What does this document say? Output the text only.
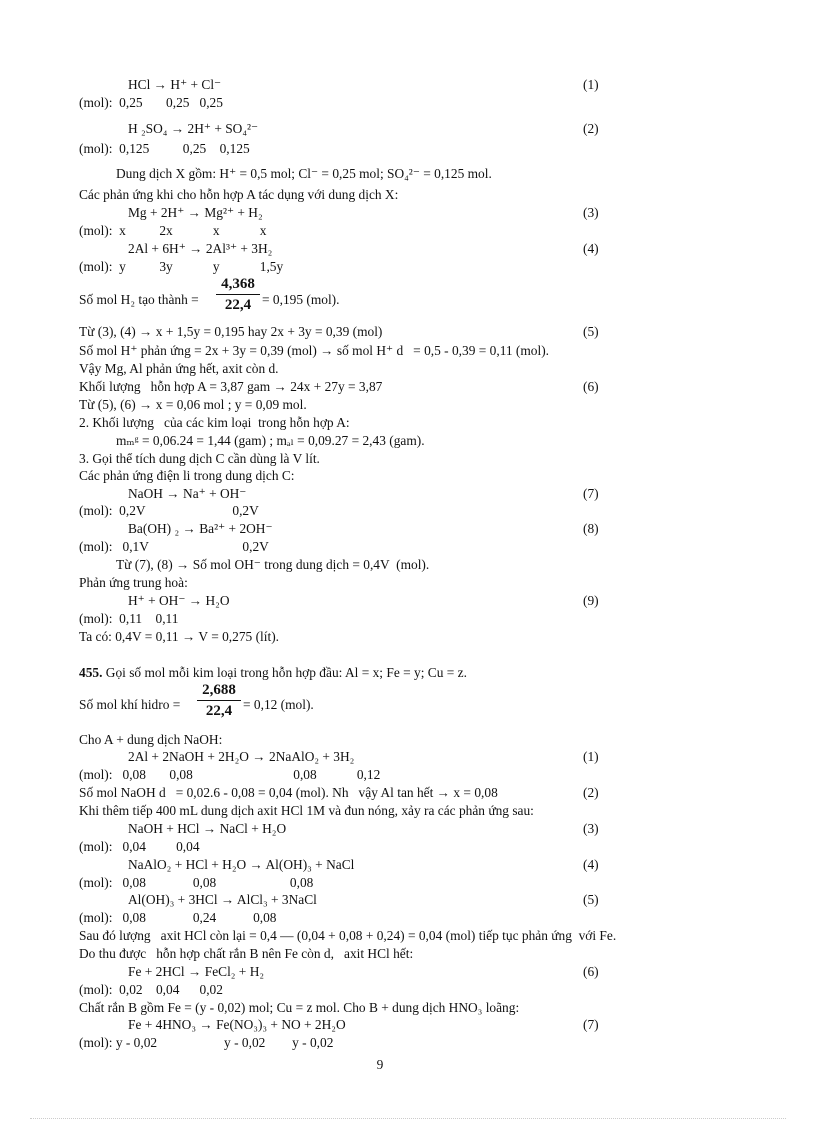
HCl → H⁺ + Cl⁻	(1)
(mol):  0,25       0,25   0,25
H ₂SO₄ → 2H⁺ + SO₄²⁻	(2)
(mol):  0,125          0,25    0,125
Dung dịch X gồm: H⁺ = 0,5 mol; Cl⁻ = 0,25 mol; SO₄²⁻ = 0,125 mol.
Các phản ứng khi cho hỗn hợp A tác dụng với dung dịch X:
Mg + 2H⁺ → Mg²⁺ + H₂	(3)
(mol):  x          2x            x            x
2Al + 6H⁺ → 2Al³⁺ + 3H₂	(4)
(mol):  y          3y            y            1,5y
Số mol H₂ tạo thành = $\frac{4,368}{22,4} = 0,195$ (mol).
Từ (3), (4) → x + 1,5y = 0,195 hay 2x + 3y = 0,39 (mol)	(5)
Số mol H⁺ phản ứng = 2x + 3y = 0,39 (mol) → số mol H⁺ d   = 0,5 - 0,39 = 0,11 (mol).
Vậy Mg, Al phản ứng hết, axit còn d.
Khối lượng   hỗn hợp A = 3,87 gam → 24x + 27y = 3,87	(6)
Từ (5), (6) → x = 0,06 mol ; y = 0,09 mol.
2. Khối lượng   của các kim loại  trong hỗn hợp A:
mₘᵍ = 0,06.24 = 1,44 (gam) ; mₐₗ = 0,09.27 = 2,43 (gam).
3. Gọi thể tích dung dịch C cần dùng là V lít.
Các phản ứng điện li trong dung dịch C:
NaOH → Na⁺ + OH⁻	(7)
(mol):  0,2V                          0,2V
Ba(OH) ₂ → Ba²⁺ + 2OH⁻	(8)
(mol):   0,1V                            0,2V
Từ (7), (8) → Số mol OH⁻ trong dung dịch = 0,4V  (mol).
Phản ứng trung hoà:
H⁺ + OH⁻ → H₂O	(9)
(mol):  0,11    0,11
Ta có: 0,4V = 0,11 → V = 0,275 (lít).
455. Gọi số mol mỗi kim loại trong hỗn hợp đầu: Al = x; Fe = y; Cu = z.
Số mol khí hidro = $\frac{2,688}{22,4} = 0,12$ (mol).
Cho A + dung dịch NaOH:
2Al + 2NaOH + 2H₂O → 2NaAlO₂ + 3H₂	(1)
(mol):   0,08       0,08                              0,08            0,12
Số mol NaOH d   = 0,02.6 - 0,08 = 0,04 (mol). Nh   vậy Al tan hết → x = 0,08	(2)
Khi thêm tiếp 400 mL dung dịch axit HCl 1M và đun nóng, xảy ra các phản ứng sau:
NaOH + HCl → NaCl + H₂O	(3)
(mol):   0,04         0,04
NaAlO₂ + HCl + H₂O → Al(OH)₃ + NaCl	(4)
(mol):   0,08              0,08                      0,08
Al(OH)₃ + 3HCl → AlCl₃ + 3NaCl	(5)
(mol):   0,08              0,24           0,08
Sau đó lượng   axit HCl còn lại = 0,4 — (0,04 + 0,08 + 0,24) = 0,04 (mol) tiếp tục phản ứng  với Fe.
Do thu được   hỗn hợp chất rắn B nên Fe còn d,   axit HCl hết:
Fe + 2HCl → FeCl₂ + H₂	(6)
(mol):  0,02    0,04      0,02
Chất rắn B gồm Fe = (y - 0,02) mol; Cu = z mol. Cho B + dung dịch HNO₃ loãng:
Fe + 4HNO₃ → Fe(NO₃)₃ + NO + 2H₂O	(7)
(mol): y - 0,02                    y - 0,02        y - 0,02
9
